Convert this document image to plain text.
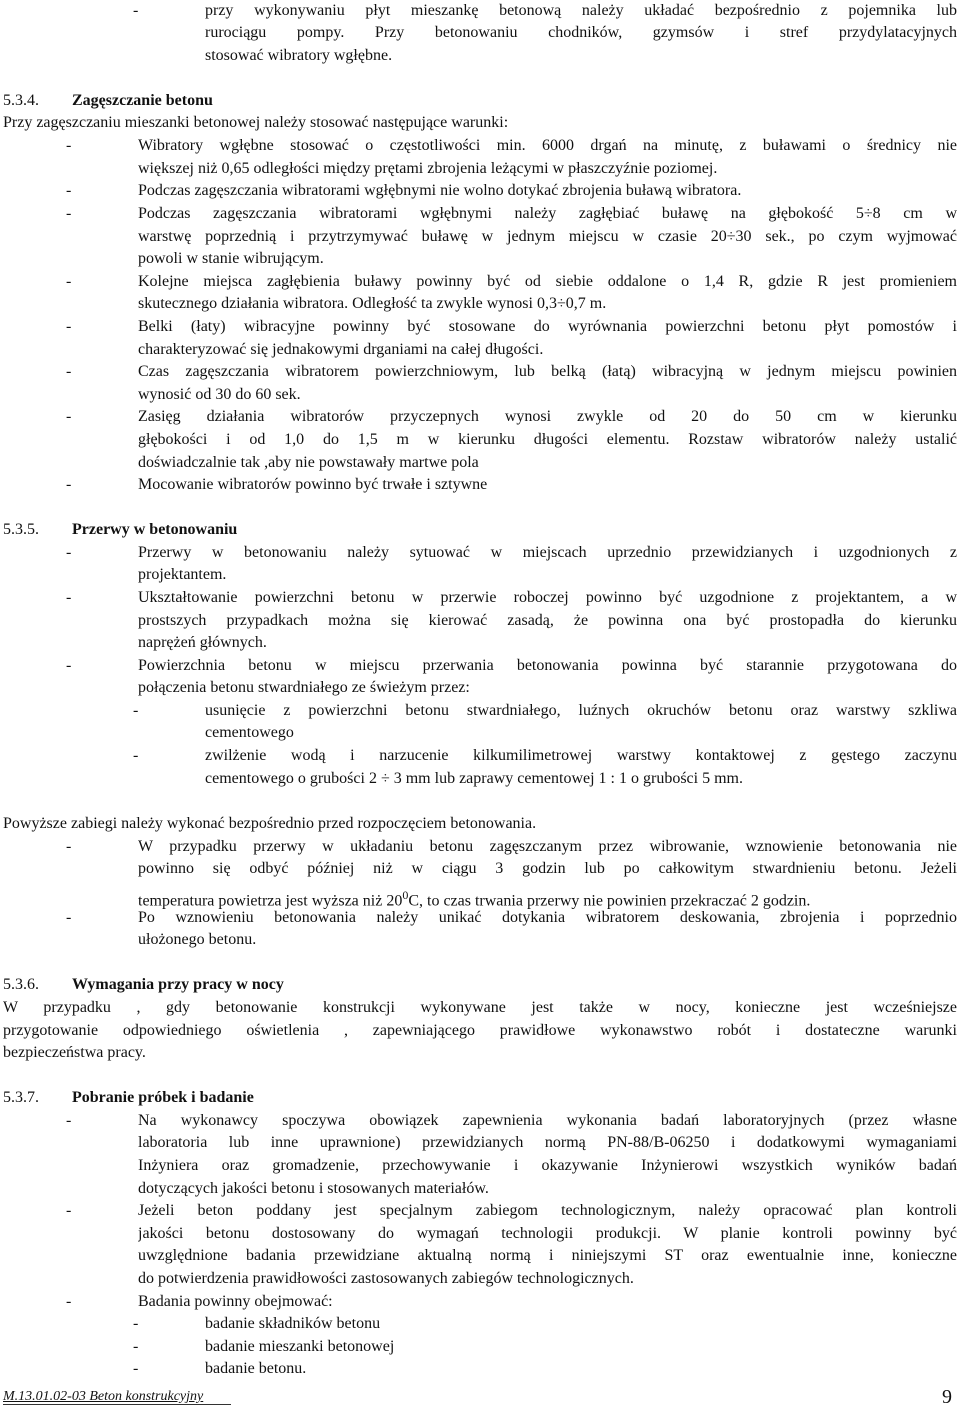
M.13.01.02-03 Beton konstrukcyjny	9
-	przy wykonywaniu płyt mieszankę betonową należy układać bezpośrednio z pojemnika lub
rurociągu pompy. Przy betonowaniu chodników, gzymsów i stref przydylatacyjnych
stosować wibratory wgłębne.
5.3.4. Zagęszczanie betonu
Przy zagęszczaniu mieszanki betonowej należy stosować następujące warunki:
-	Wibratory wgłębne stosować o częstotliwości min. 6000 drgań na minutę, z buławami o średnicy nie
większej niż 0,65 odległości między prętami zbrojenia leżącymi w płaszczyźnie poziomej.
-	Podczas zagęszczania wibratorami wgłębnymi nie wolno dotykać zbrojenia buławą wibratora.
-	Podczas zagęszczania wibratorami wgłębnymi należy zagłębiać buławę na głębokość 5÷8 cm w
warstwę poprzednią i przytrzymywać buławę w jednym miejscu w czasie 20÷30 sek., po czym wyjmować
powoli w stanie wibrującym.
-	Kolejne miejsca zagłębienia buławy powinny być od siebie oddalone o 1,4 R, gdzie R jest promieniem
skutecznego działania wibratora. Odległość ta zwykle wynosi 0,3÷0,7 m.
-	Belki (łaty) wibracyjne powinny być stosowane do wyrównania powierzchni betonu płyt pomostów i
charakteryzować się jednakowymi drganiami na całej długości.
-	Czas zagęszczania wibratorem powierzchniowym, lub belką (łatą) wibracyjną w jednym miejscu powinien
wynosić od 30 do 60 sek.
-	Zasięg działania wibratorów przyczepnych wynosi zwykle od 20 do 50 cm w kierunku
głębokości i od 1,0 do 1,5 m w kierunku długości elementu. Rozstaw wibratorów należy ustalić
doświadczalnie tak ,aby nie powstawały martwe pola
-	Mocowanie wibratorów powinno być trwałe i sztywne
5.3.5. Przerwy w betonowaniu
-	Przerwy w betonowaniu należy sytuować w miejscach uprzednio przewidzianych i uzgodnionych z
projektantem.
-	Ukształtowanie powierzchni betonu w przerwie roboczej powinno być uzgodnione z projektantem, a w
prostszych przypadkach można się kierować zasadą, że powinna ona być prostopadła do kierunku
naprężeń głównych.
-	Powierzchnia betonu w miejscu przerwania betonowania powinna być starannie przygotowana do
połączenia betonu stwardniałego ze świeżym przez:
-	usunięcie z powierzchni betonu stwardniałego, luźnych okruchów betonu oraz warstwy szkliwa
cementowego
-	zwilżenie wodą i narzucenie kilkumilimetrowej warstwy kontaktowej z gęstego zaczynu
cementowego o grubości 2 ÷ 3 mm lub zaprawy cementowej 1 : 1 o grubości 5 mm.
Powyższe zabiegi należy wykonać bezpośrednio przed rozpoczęciem betonowania.
-	W przypadku przerwy w układaniu betonu zagęszczanym przez wibrowanie, wznowienie betonowania nie
powinno się odbyć później niż w ciągu 3 godzin lub po całkowitym stwardnieniu betonu. Jeżeli
temperatura powietrza jest wyższa niż $20^0C$, to czas trwania przerwy nie powinien przekraczać 2 godzin.
-	Po wznowieniu betonowania należy unikać dotykania wibratorem deskowania, zbrojenia i poprzednio
ułożonego betonu.
5.3.6. Wymagania przy pracy w nocy
W przypadku , gdy betonowanie konstrukcji wykonywane jest także w nocy, konieczne jest wcześniejsze
przygotowanie odpowiedniego oświetlenia , zapewniającego prawidłowe wykonawstwo robót i dostateczne warunki
bezpieczeństwa pracy.
5.3.7. Pobranie próbek i badanie
-	Na wykonawcy spoczywa obowiązek zapewnienia wykonania badań laboratoryjnych (przez własne
laboratoria lub inne uprawnione) przewidzianych normą PN-88/B-06250 i dodatkowymi wymaganiami
Inżyniera oraz gromadzenie, przechowywanie i okazywanie Inżynierowi wszystkich wyników badań
dotyczących jakości betonu i stosowanych materiałów.
-	Jeżeli beton poddany jest specjalnym zabiegom technologicznym, należy opracować plan kontroli
jakości betonu dostosowany do wymagań technologii produkcji. W planie kontroli powinny być
uwzględnione badania przewidziane aktualną normą i niniejszymi ST oraz ewentualnie inne, konieczne
do potwierdzenia prawidłowości zastosowanych zabiegów technologicznych.
-	Badania powinny obejmować:
-	badanie składników betonu
-	badanie mieszanki betonowej
-	badanie betonu.
